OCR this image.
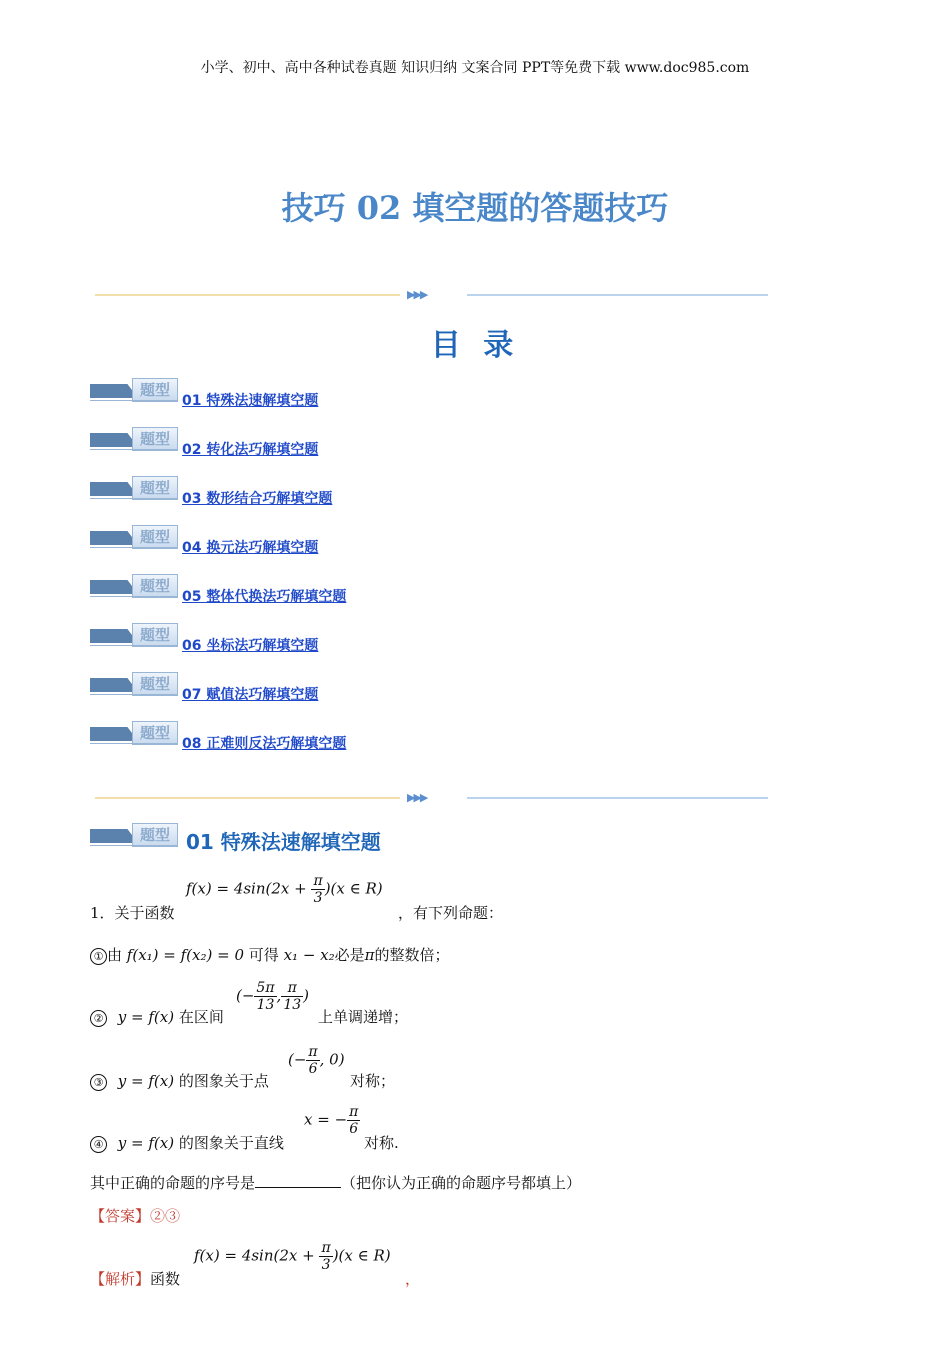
小学、初中、高中各种试卷真题 知识归纳 文案合同 PPT等免费下载 www.doc985.com
技巧 02 填空题的答题技巧
▶▶▶
目 录
题型
01 特殊法速解填空题
题型
02 转化法巧解填空题
题型
03 数形结合巧解填空题
题型
04 换元法巧解填空题
题型
05 整体代换法巧解填空题
题型
06 坐标法巧解填空题
题型
07 赋值法巧解填空题
题型
08 正难则反法巧解填空题
▶▶▶
题型 01 特殊法速解填空题
1．关于函数
$f(x) = 4\sin(2x + \frac{\pi}{3} )(x$ ∈ R)
，有下列命题：
① 由 f(x₁) = f(x₂) = 0 可得 x₁ − x₂必是π的整数倍；
② y = f(x) 在区间
(− $\frac{5\pi}{13}$ , $\frac{\pi}{13}$ )
上单调递增；
③ y = f(x) 的图象关于点
(− $\frac{\pi}{6}$ , 0)
对称；
④ y = f(x) 的图象关于直线
x = − $\frac{\pi}{6}$
对称.
其中正确的命题的序号是	（把你认为正确的命题序号都填上）
【答案】②③
【解析】函数
$f(x) = 4\sin(2x + \frac{\pi}{3} )(x$ ∈ R)
，
